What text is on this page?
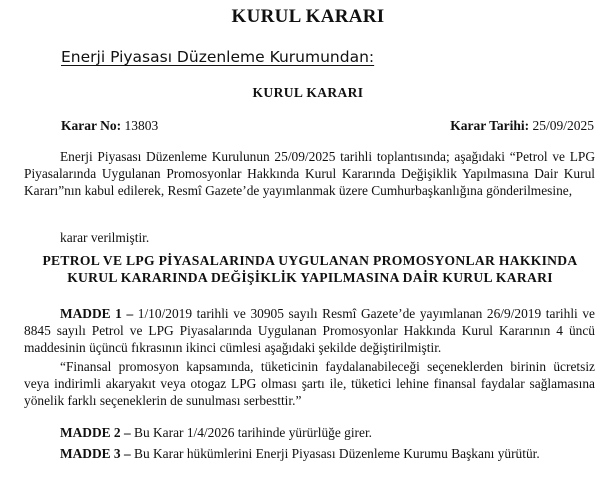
KURUL KARARI
Enerji Piyasası Düzenleme Kurumundan:
KURUL KARARI
Karar No: 13803	Karar Tarihi: 25/09/2025

Enerji Piyasası Düzenleme Kurulunun 25/09/2025 tarihli toplantısında; aşağıdaki “Petrol ve LPG Piyasalarında Uygulanan Promosyonlar Hakkında Kurul Kararında Değişiklik Yapılmasına Dair Kurul Kararı”nın kabul edilerek, Resmî Gazete’de yayımlanmak üzere Cumhurbaşkanlığına gönderilmesine,

karar verilmiştir.

PETROL VE LPG PİYASALARINDA UYGULANAN PROMOSYONLAR HAKKINDA KURUL KARARINDA DEĞİŞİKLİK YAPILMASINA DAİR KURUL KARARI

MADDE 1 – 1/10/2019 tarihli ve 30905 sayılı Resmî Gazete’de yayımlanan 26/9/2019 tarihli ve 8845 sayılı Petrol ve LPG Piyasalarında Uygulanan Promosyonlar Hakkında Kurul Kararının 4 üncü maddesinin üçüncü fıkrasının ikinci cümlesi aşağıdaki şekilde değiştirilmiştir.

“Finansal promosyon kapsamında, tüketicinin faydalanabileceği seçeneklerden birinin ücretsiz veya indirimli akaryakıt veya otogaz LPG olması şartı ile, tüketici lehine finansal faydalar sağlamasına yönelik farklı seçeneklerin de sunulması serbesttir.”

MADDE 2 – Bu Karar 1/4/2026 tarihinde yürürlüğe girer.

MADDE 3 – Bu Karar hükümlerini Enerji Piyasası Düzenleme Kurumu Başkanı yürütür.
